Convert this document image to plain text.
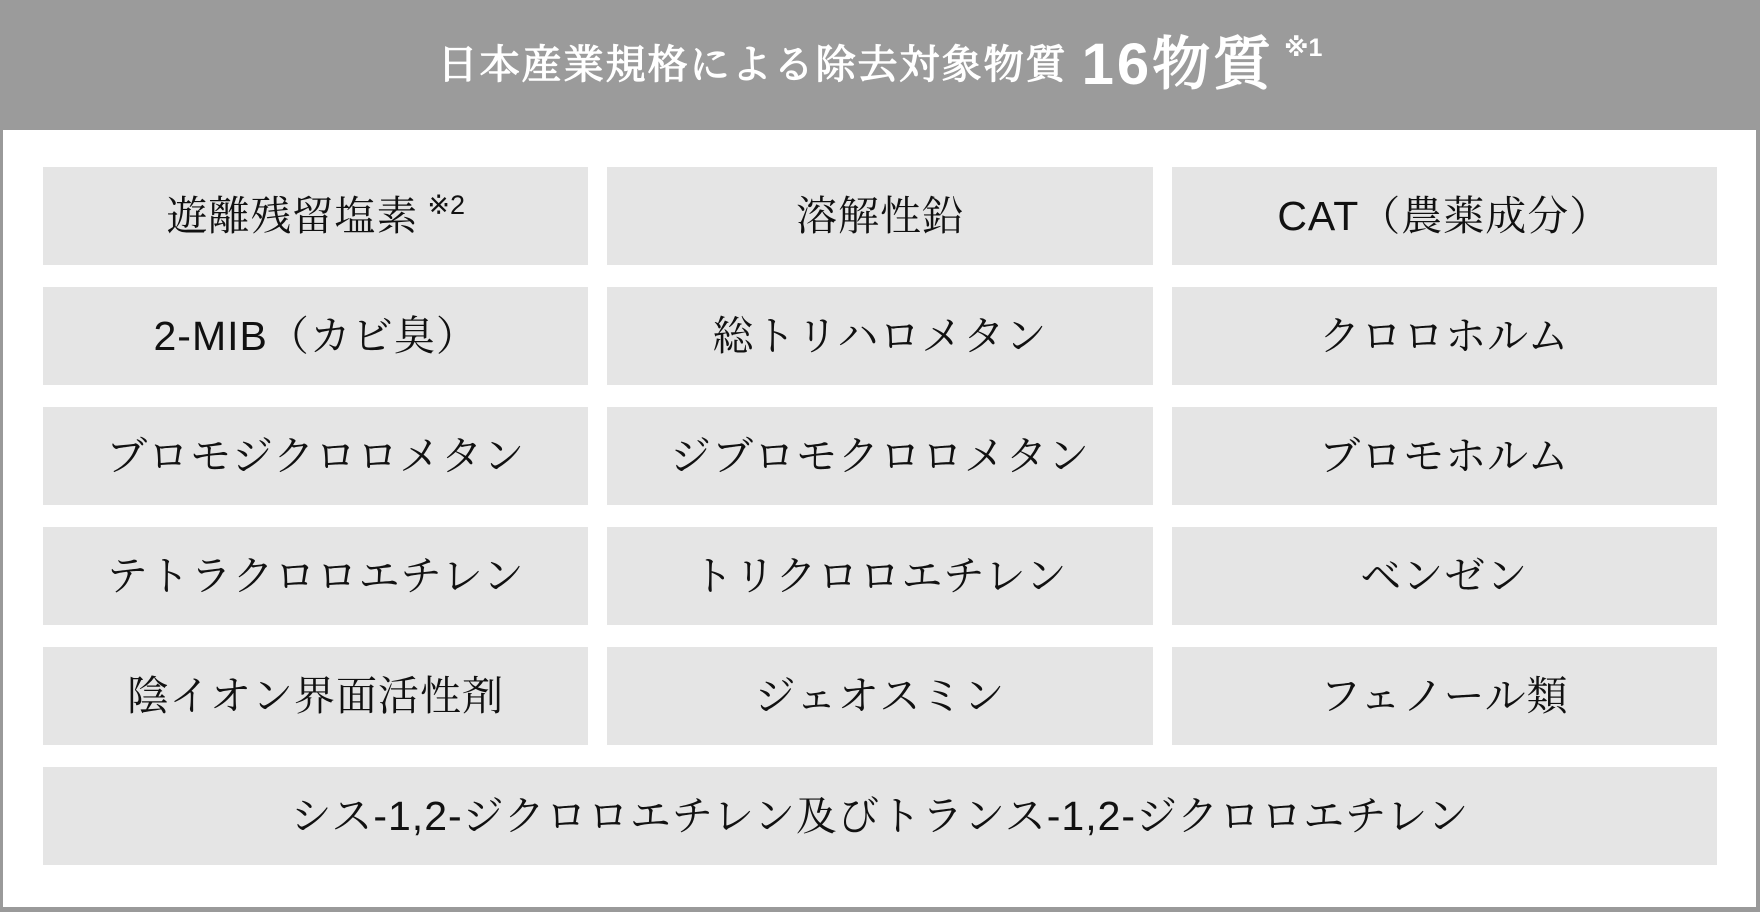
日本産業規格による除去対象物質 16物質 ※1
遊離残留塩素 ※2	溶解性鉛	CAT（農薬成分）
2-MIB（カビ臭）	総トリハロメタン	クロロホルム
ブロモジクロロメタン	ジブロモクロロメタン	ブロモホルム
テトラクロロエチレン	トリクロロエチレン	ベンゼン
陰イオン界面活性剤	ジェオスミン	フェノール類
シス-1,2-ジクロロエチレン及びトランス-1,2-ジクロロエチレン
